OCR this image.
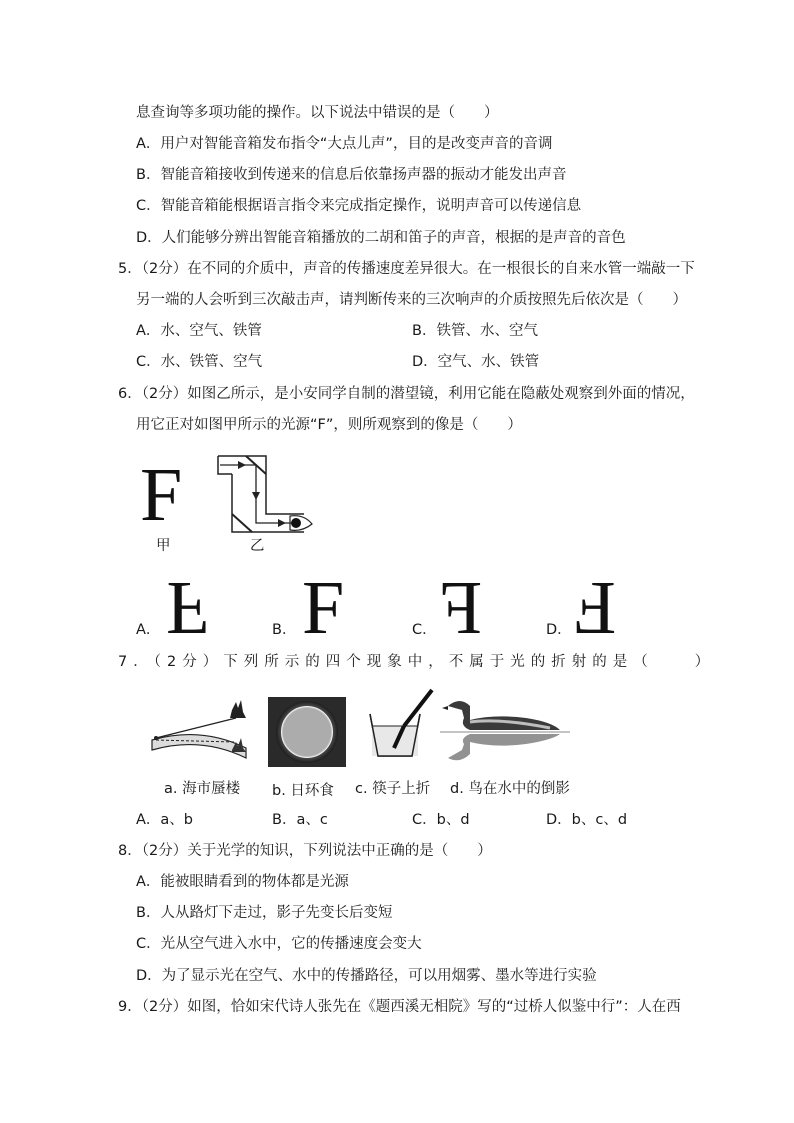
息查询等多项功能的操作。以下说法中错误的是（　　）
A．用户对智能音箱发布指令“大点儿声”，目的是改变声音的音调
B．智能音箱接收到传递来的信息后依靠扬声器的振动才能发出声音
C．智能音箱能根据语言指令来完成指定操作，说明声音可以传递信息
D．人们能够分辨出智能音箱播放的二胡和笛子的声音，根据的是声音的音色
5．（2分）在不同的介质中，声音的传播速度差异很大。在一根很长的自来水管一端敲一下
另一端的人会听到三次敲击声，请判断传来的三次响声的介质按照先后依次是（　　）
A．水、空气、铁管	B．铁管、水、空气
C．水、铁管、空气	D．空气、水、铁管
6．（2分）如图乙所示，是小安同学自制的潜望镜，利用它能在隐蔽处观察到外面的情况，
用它正对如图甲所示的光源“F”，则所观察到的像是（　　）
F
甲	乙
A． F	B． F	C． F	D． F
7．（2分）下列所示的四个现象中，不属于光的折射的是（　　）
a. 海市蜃楼 b. 日环食 c. 筷子上折 d. 鸟在水中的倒影
A．a、b	B．a、c	C．b、d	D．b、c、d
8．（2分）关于光学的知识，下列说法中正确的是（　　）
A．能被眼睛看到的物体都是光源
B．人从路灯下走过，影子先变长后变短
C．光从空气进入水中，它的传播速度会变大
D．为了显示光在空气、水中的传播路径，可以用烟雾、墨水等进行实验
9．（2分）如图，恰如宋代诗人张先在《题西溪无相院》写的“过桥人似鉴中行”：人在西
